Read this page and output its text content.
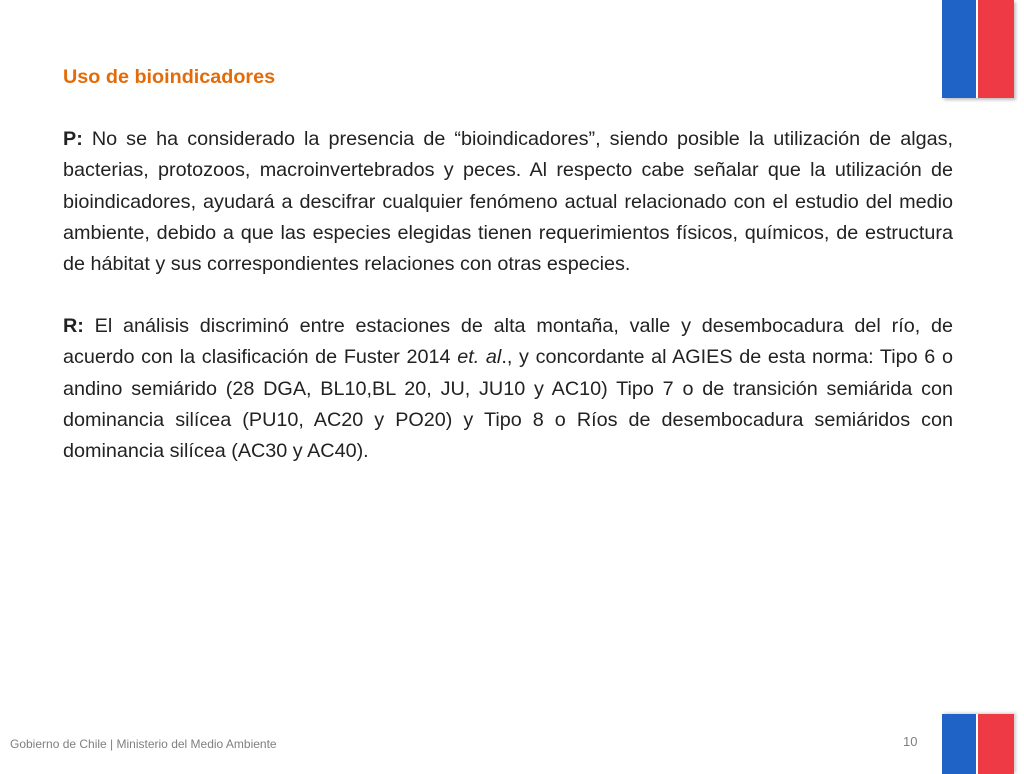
Uso de bioindicadores

P: No se ha considerado la presencia de “bioindicadores”, siendo posible la utilización de algas, bacterias, protozoos, macroinvertebrados y peces. Al respecto cabe señalar que la utilización de bioindicadores, ayudará a descifrar cualquier fenómeno actual relacionado con el estudio del medio ambiente, debido a que las especies elegidas tienen requerimientos físicos, químicos, de estructura de hábitat y sus correspondientes relaciones con otras especies.

R: El análisis discriminó entre estaciones de alta montaña, valle y desembocadura del río, de acuerdo con la clasificación de Fuster 2014 et. al., y concordante al AGIES de esta norma: Tipo 6 o andino semiárido (28 DGA, BL10,BL 20, JU, JU10 y AC10) Tipo 7 o de transición semiárida con dominancia silícea (PU10, AC20 y PO20) y Tipo 8 o Ríos de desembocadura semiáridos con dominancia silícea (AC30 y AC40).

Gobierno de Chile | Ministerio del Medio Ambiente	10
